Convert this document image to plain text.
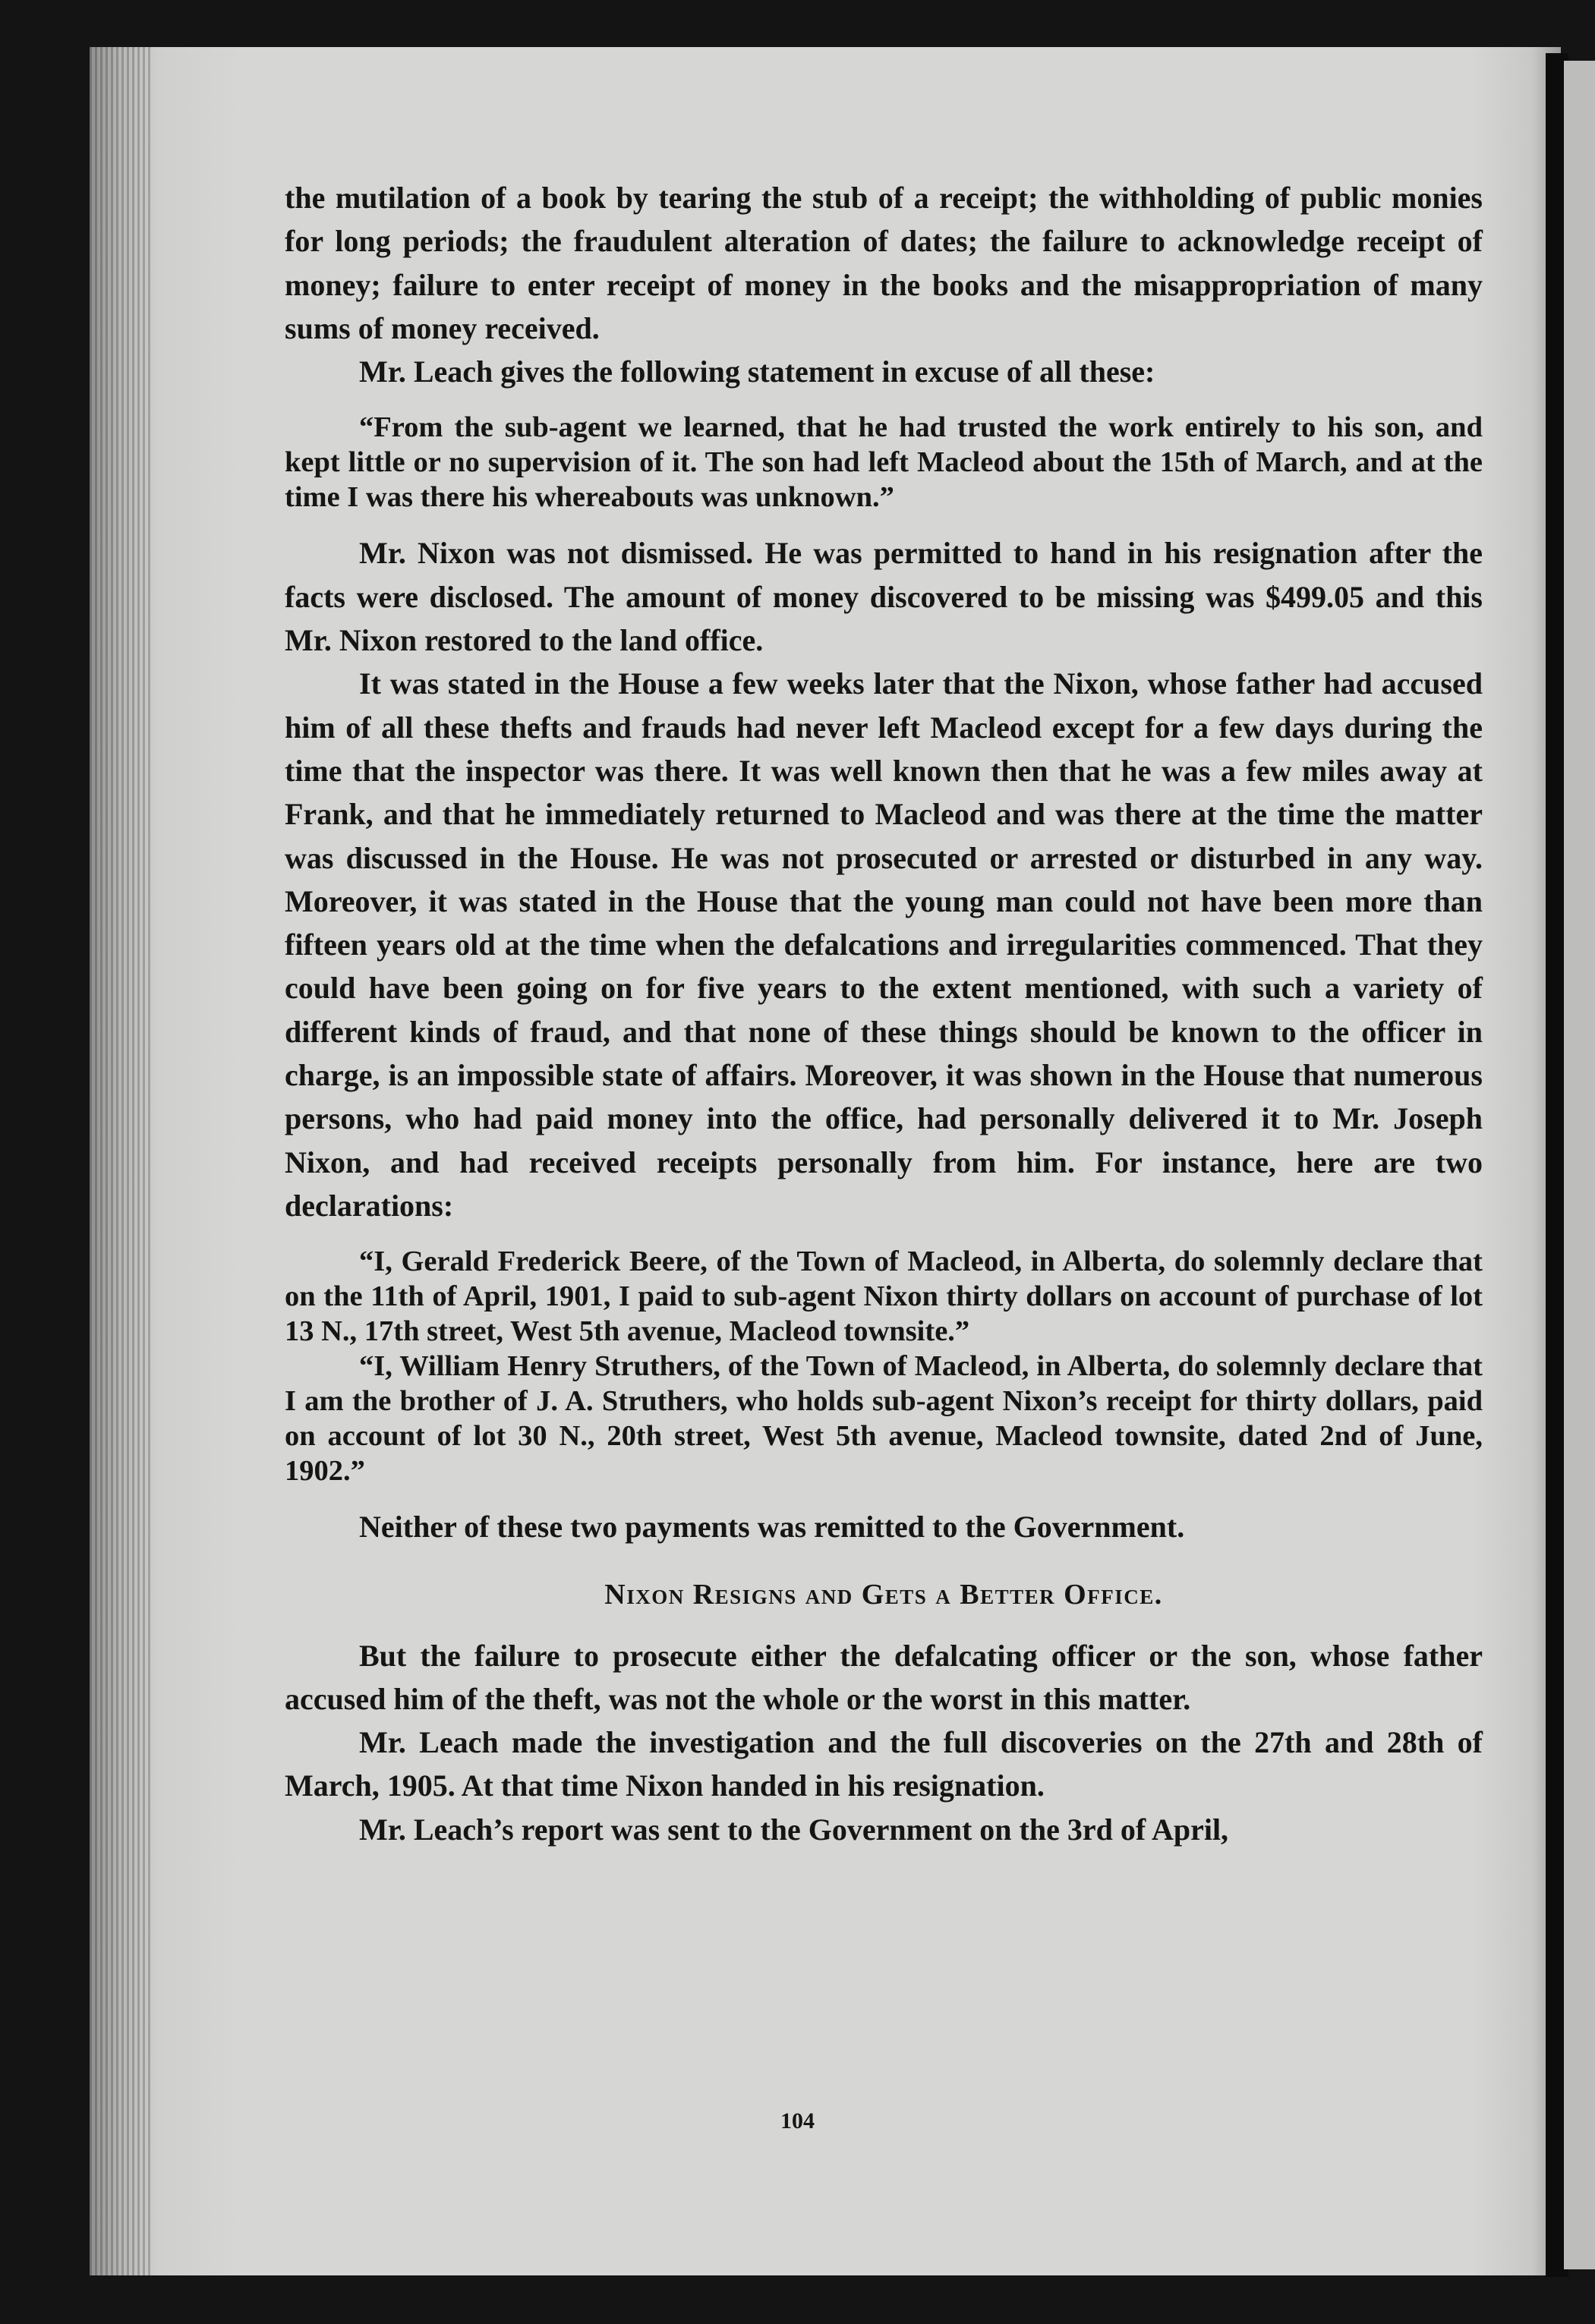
the mutilation of a book by tearing the stub of a receipt; the withholding of public monies for long periods; the fraudulent alteration of dates; the failure to acknowledge receipt of money; failure to enter receipt of money in the books and the misappropriation of many sums of money received.

Mr. Leach gives the following statement in excuse of all these:

“From the sub-agent we learned, that he had trusted the work entirely to his son, and kept little or no supervision of it. The son had left Macleod about the 15th of March, and at the time I was there his whereabouts was unknown.”

Mr. Nixon was not dismissed. He was permitted to hand in his resignation after the facts were disclosed. The amount of money discovered to be missing was $499.05 and this Mr. Nixon restored to the land office.

It was stated in the House a few weeks later that the Nixon, whose father had accused him of all these thefts and frauds had never left Macleod except for a few days during the time that the inspector was there. It was well known then that he was a few miles away at Frank, and that he immediately returned to Macleod and was there at the time the matter was discussed in the House. He was not prosecuted or arrested or disturbed in any way. Moreover, it was stated in the House that the young man could not have been more than fifteen years old at the time when the defalcations and irregularities commenced. That they could have been going on for five years to the extent mentioned, with such a variety of different kinds of fraud, and that none of these things should be known to the officer in charge, is an impossible state of affairs. Moreover, it was shown in the House that numerous persons, who had paid money into the office, had personally delivered it to Mr. Joseph Nixon, and had received receipts personally from him. For instance, here are two declarations:

“I, Gerald Frederick Beere, of the Town of Macleod, in Alberta, do solemnly declare that on the 11th of April, 1901, I paid to sub-agent Nixon thirty dollars on account of purchase of lot 13 N., 17th street, West 5th avenue, Macleod townsite.”

“I, William Henry Struthers, of the Town of Macleod, in Alberta, do solemnly declare that I am the brother of J. A. Struthers, who holds sub-agent Nixon’s receipt for thirty dollars, paid on account of lot 30 N., 20th street, West 5th avenue, Macleod townsite, dated 2nd of June, 1902.”

Neither of these two payments was remitted to the Government.

Nixon Resigns and Gets a Better Office.

But the failure to prosecute either the defalcating officer or the son, whose father accused him of the theft, was not the whole or the worst in this matter.

Mr. Leach made the investigation and the full discoveries on the 27th and 28th of March, 1905. At that time Nixon handed in his resignation.

Mr. Leach’s report was sent to the Government on the 3rd of April,

104
